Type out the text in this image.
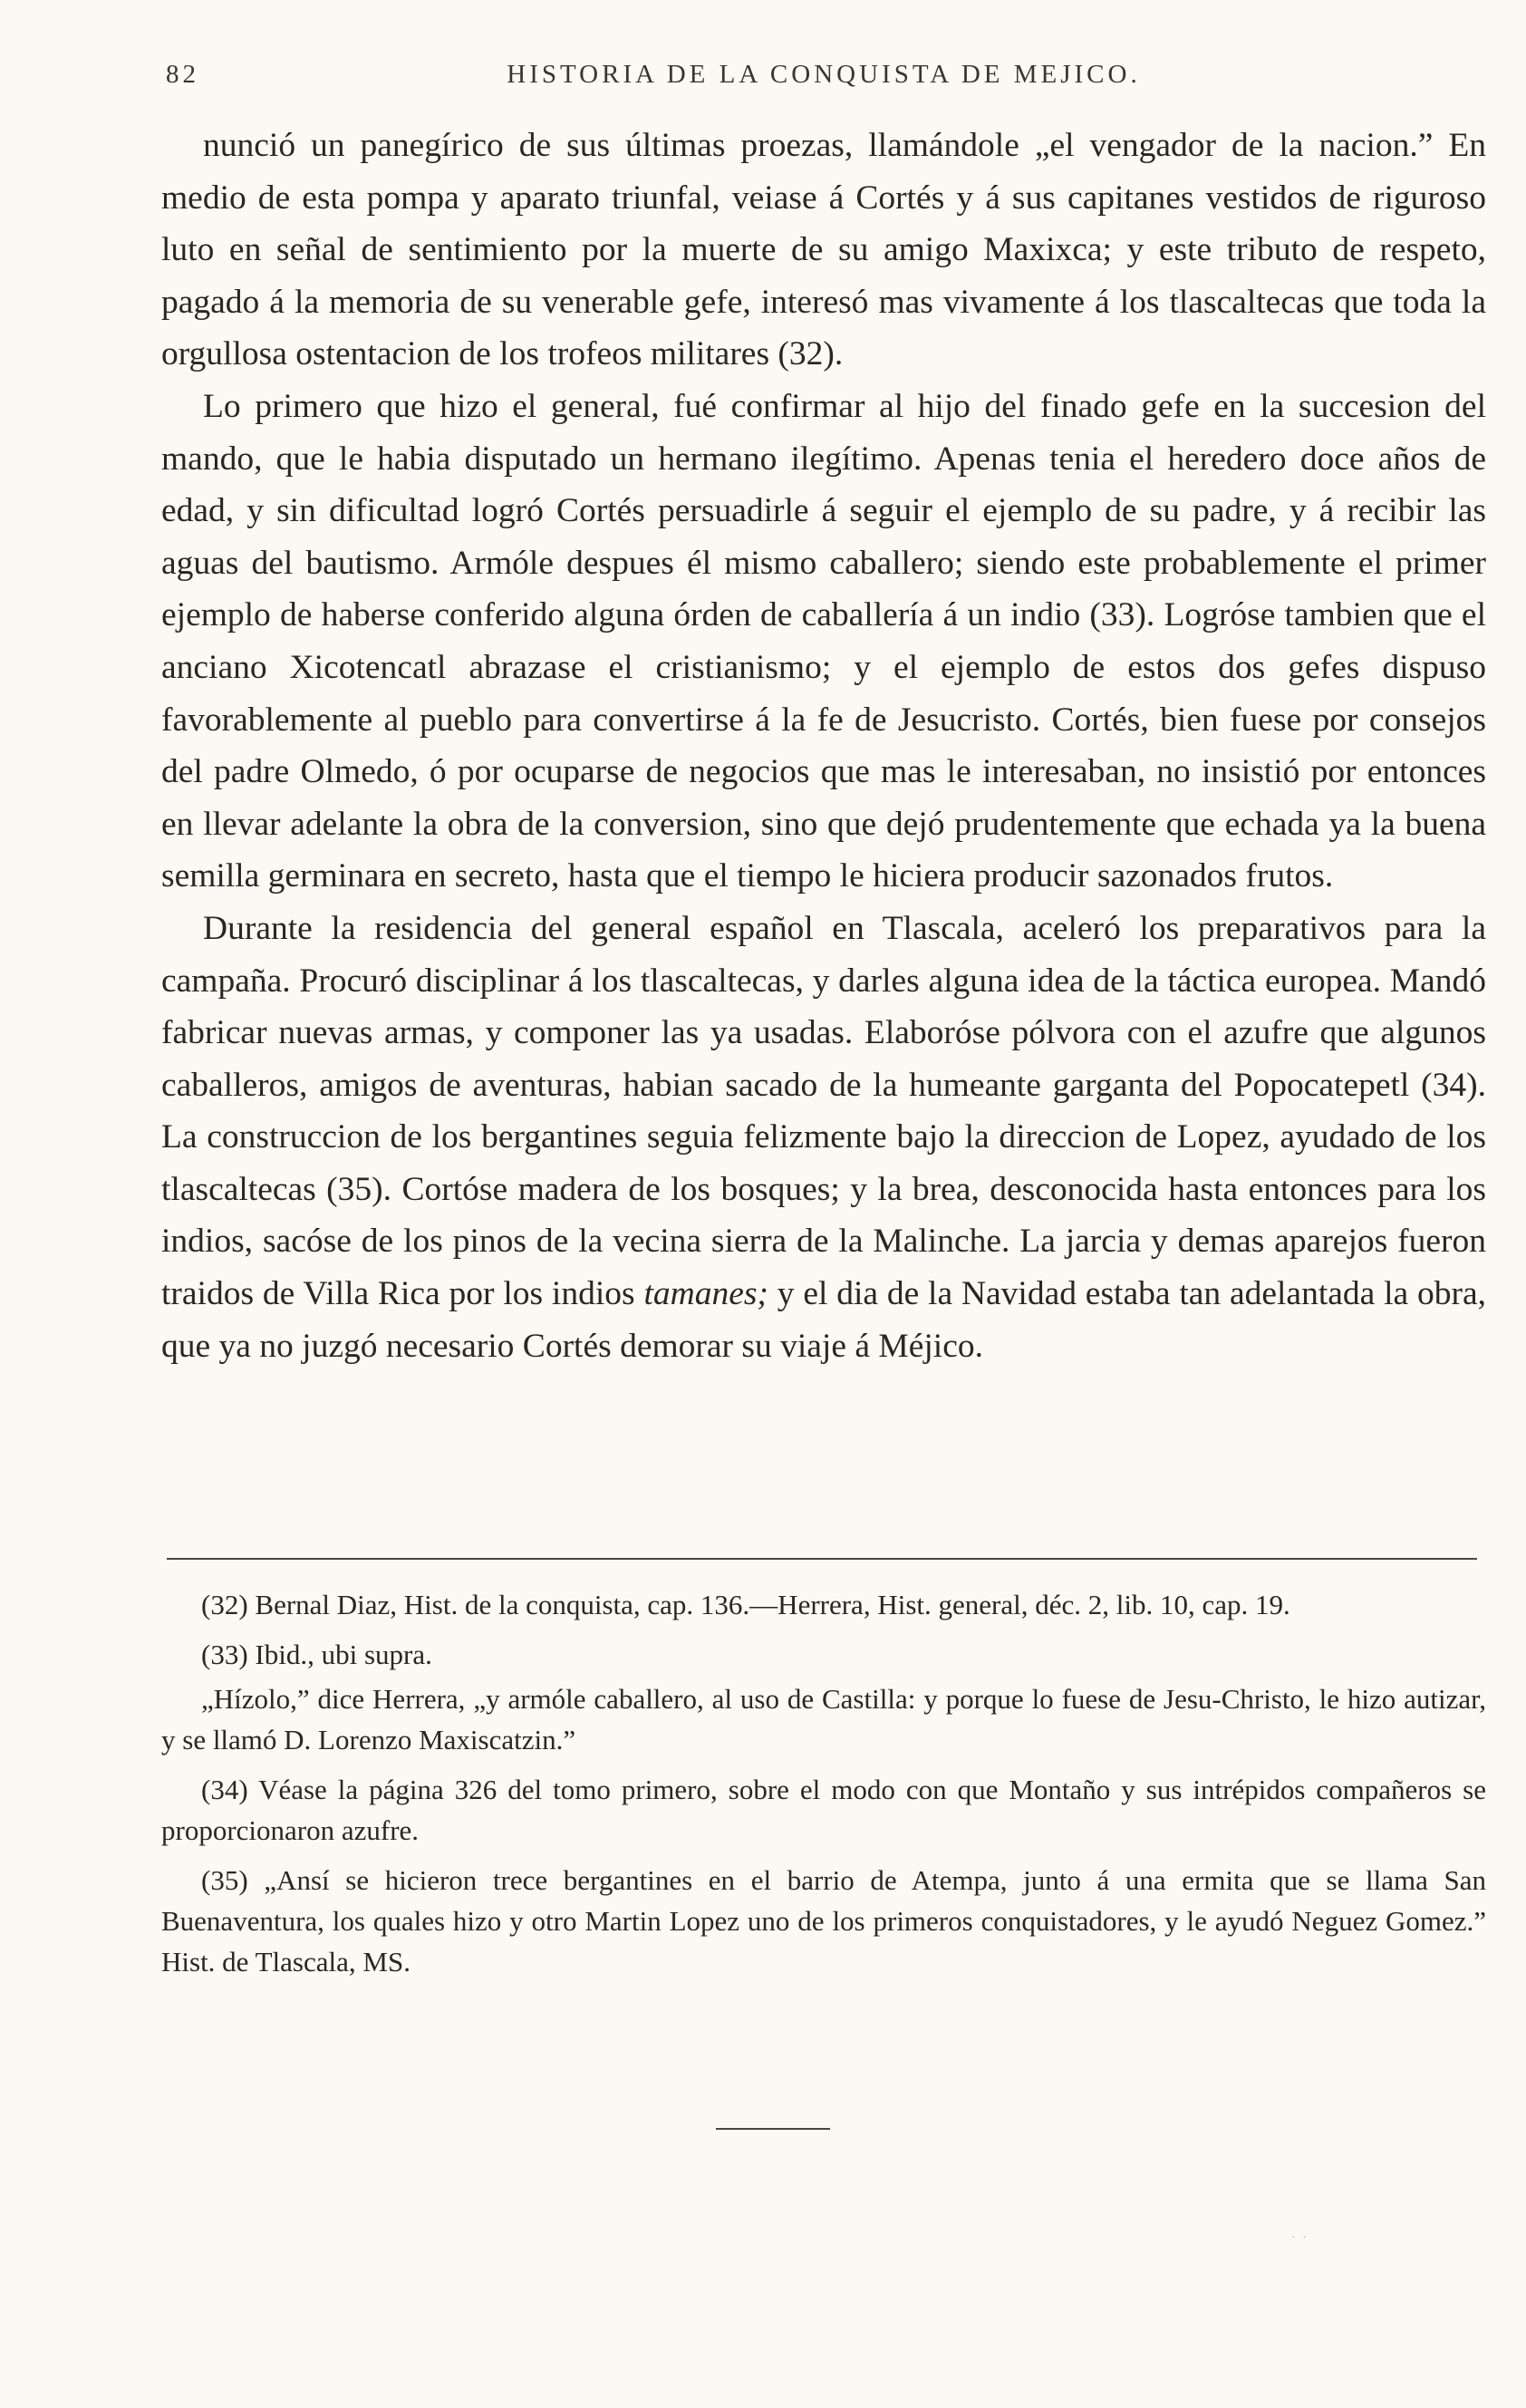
82	HISTORIA DE LA CONQUISTA DE MEJICO.

nunció un panegírico de sus últimas proezas, llamándole „el vengador de la nacion.” En medio de esta pompa y aparato triunfal, veiase á Cortés y á sus capitanes vestidos de riguroso luto en señal de sentimiento por la muerte de su amigo Maxixca; y este tributo de respeto, pagado á la memoria de su venerable gefe, interesó mas vivamente á los tlascaltecas que toda la orgullosa ostentacion de los trofeos militares (32).

Lo primero que hizo el general, fué confirmar al hijo del finado gefe en la succesion del mando, que le habia disputado un hermano ilegítimo. Apenas tenia el heredero doce años de edad, y sin dificultad logró Cortés persuadirle á seguir el ejemplo de su padre, y á recibir las aguas del bautismo. Armóle despues él mismo caballero; siendo este probablemente el primer ejemplo de haberse conferido alguna órden de caballería á un indio (33). Logróse tambien que el anciano Xicotencatl abrazase el cristianismo; y el ejemplo de estos dos gefes dispuso favorablemente al pueblo para convertirse á la fe de Jesucristo. Cortés, bien fuese por consejos del padre Olmedo, ó por ocuparse de negocios que mas le interesaban, no insistió por entonces en llevar adelante la obra de la conversion, sino que dejó prudentemente que echada ya la buena semilla germinara en secreto, hasta que el tiempo le hiciera producir sazonados frutos.

Durante la residencia del general español en Tlascala, aceleró los preparativos para la campaña. Procuró disciplinar á los tlascaltecas, y darles alguna idea de la táctica europea. Mandó fabricar nuevas armas, y componer las ya usadas. Elaboróse pólvora con el azufre que algunos caballeros, amigos de aventuras, habian sacado de la humeante garganta del Popocatepetl (34). La construccion de los bergantines seguia felizmente bajo la direccion de Lopez, ayudado de los tlascaltecas (35). Cortóse madera de los bosques; y la brea, desconocida hasta entonces para los indios, sacóse de los pinos de la vecina sierra de la Malinche. La jarcia y demas aparejos fueron traidos de Villa Rica por los indios tamanes; y el dia de la Navidad estaba tan adelantada la obra, que ya no juzgó necesario Cortés demorar su viaje á Méjico.

(32) Bernal Diaz, Hist. de la conquista, cap. 136.—Herrera, Hist. general, déc. 2, lib. 10, cap. 19.

(33) Ibid., ubi supra.

„Hízolo,” dice Herrera, „y armóle caballero, al uso de Castilla: y porque lo fuese de Jesu-Christo, le hizo autizar, y se llamó D. Lorenzo Maxiscatzin.”

(34) Véase la página 326 del tomo primero, sobre el modo con que Montaño y sus intrépidos compañeros se proporcionaron azufre.

(35) „Ansí se hicieron trece bergantines en el barrio de Atempa, junto á una ermita que se llama San Buenaventura, los quales hizo y otro Martin Lopez uno de los primeros conquistadores, y le ayudó Neguez Gomez.” Hist. de Tlascala, MS.

· ·
